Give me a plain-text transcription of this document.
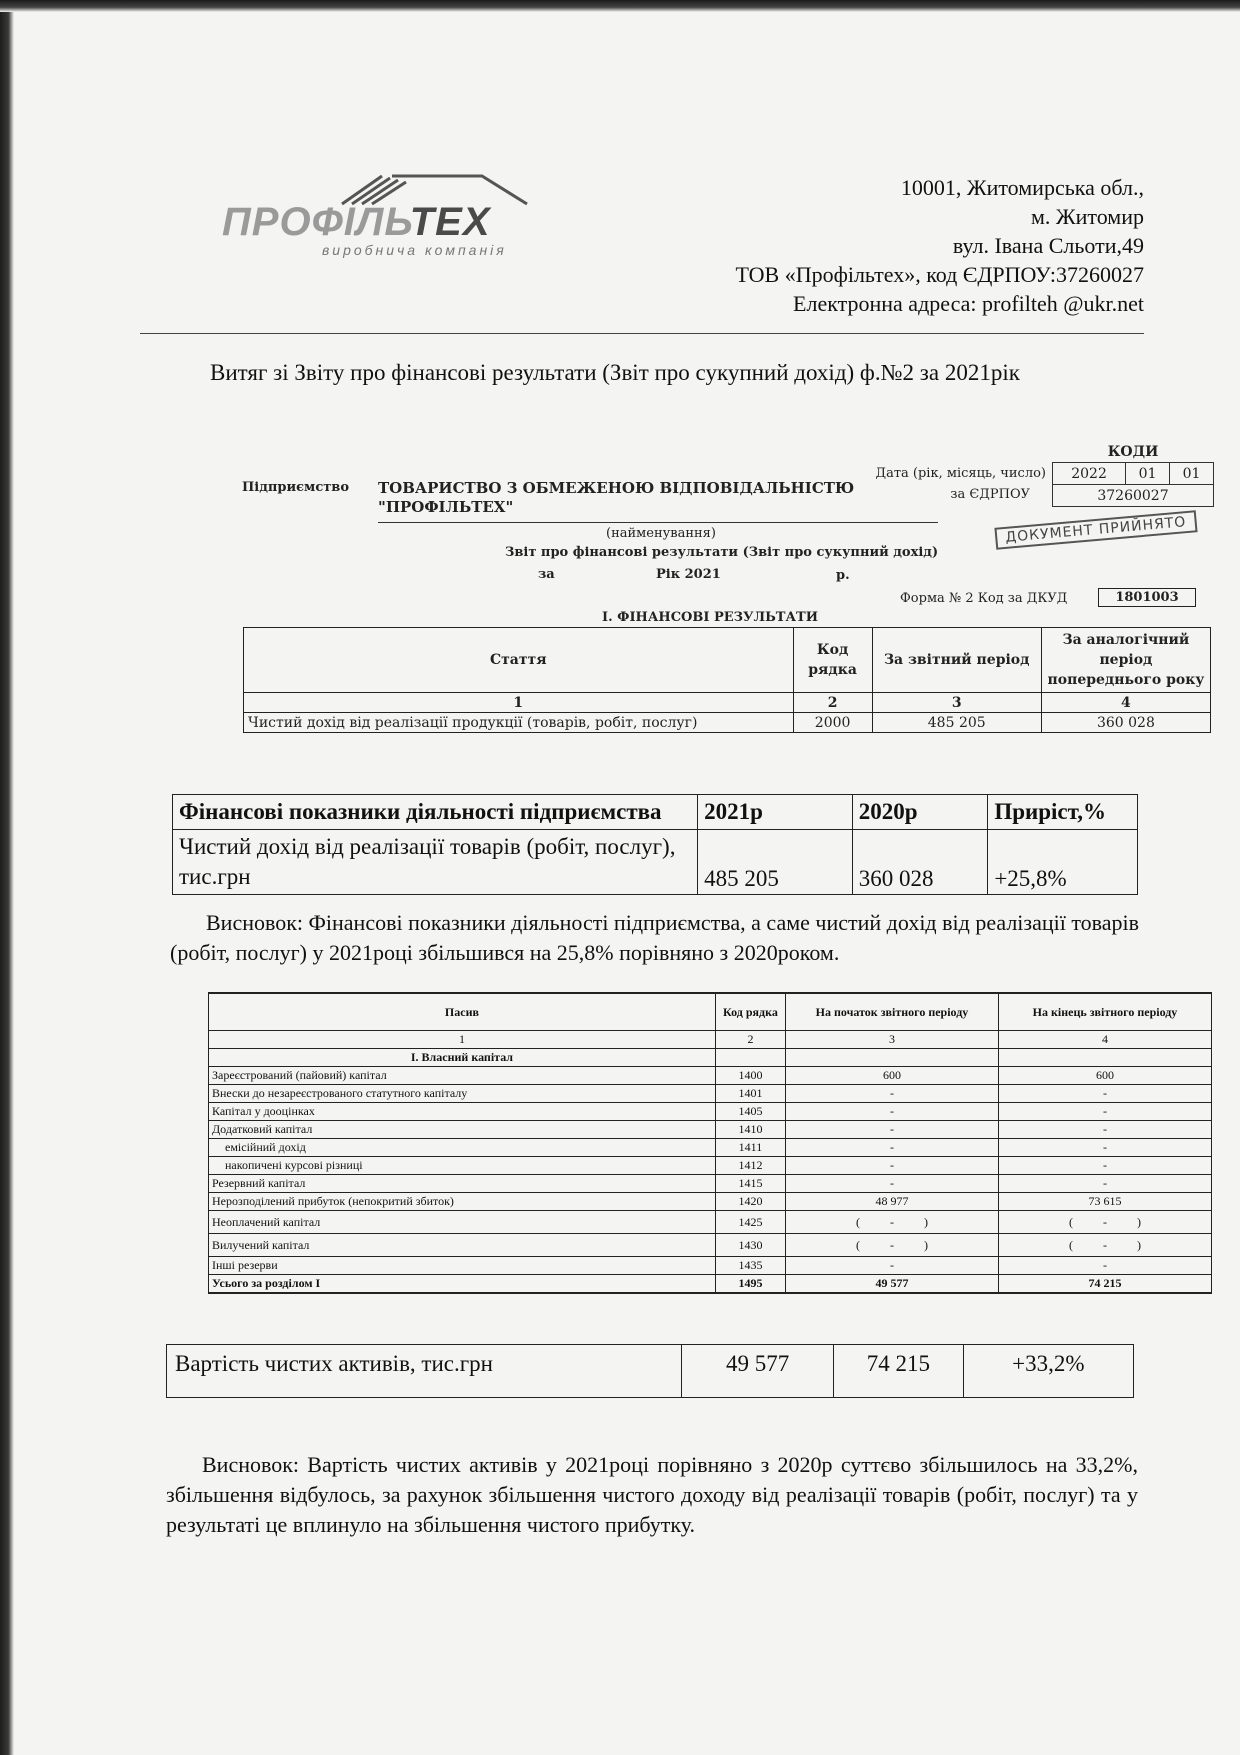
ПРОФІЛЬТЕХ
виробнича компанія
10001, Житомирська обл.,
м. Житомир
вул. Івана Сльоти,49
ТОВ «Профільтех», код ЄДРПОУ:37260027
Електронна адреса: profilteh @ukr.net
Витяг зі Звіту про фінансові результати (Звіт про сукупний дохід) ф.№2 за 2021рік
КОДИ
2022	01	01
37260027
Дата (рік, місяць, число)
за ЄДРПОУ
Підприємство ТОВАРИСТВО З ОБМЕЖЕНОЮ ВІДПОВІДАЛЬНІСТЮ
"ПРОФІЛЬТЕХ"
(найменування)	ДОКУМЕНТ ПРИЙНЯТО
Звіт про фінансові результати (Звіт про сукупний дохід)
за	Рік 2021	р.
Форма № 2 Код за ДКУД	1801003
І. ФІНАНСОВІ РЕЗУЛЬТАТИ
Стаття	Код рядка	За звітний період	За аналогічний період попереднього року
1	2	3	4
Чистий дохід від реалізації продукції (товарів, робіт, послуг)	2000	485 205	360 028
Фінансові показники діяльності підприємства	2021р	2020р	Приріст,%
Чистий дохід від реалізації товарів (робіт, послуг), тис.грн	485 205	360 028	+25,8%
Висновок: Фінансові показники діяльності підприємства, а саме чистий дохід від реалізації товарів (робіт, послуг) у 2021році збільшився на 25,8% порівняно з 2020роком.
Пасив	Код рядка	На початок звітного періоду	На кінець звітного періоду
1	2	3	4
І. Власний капітал			
Зареєстрований (пайовий) капітал	1400	600	600
Внески до незареєстрованого статутного капіталу	1401	-	-
Капітал у дооцінках	1405	-	-
Додатковий капітал	1410	-	-
емісійний дохід	1411	-	-
накопичені курсові різниці	1412	-	-
Резервний капітал	1415	-	-
Нерозподілений прибуток (непокритий збиток)	1420	48 977	73 615
Неоплачений капітал	1425	(          -          )	(          -          )
Вилучений капітал	1430	(          -          )	(          -          )
Інші резерви	1435	-	-
Усього за розділом І	1495	49 577	74 215
Вартість чистих активів, тис.грн	49 577	74 215	+33,2%
Висновок: Вартість чистих активів у 2021році порівняно з 2020р суттєво збільшилось на 33,2%, збільшення відбулось, за рахунок збільшення чистого доходу від реалізації товарів (робіт, послуг) та у результаті це вплинуло на збільшення чистого прибутку.
